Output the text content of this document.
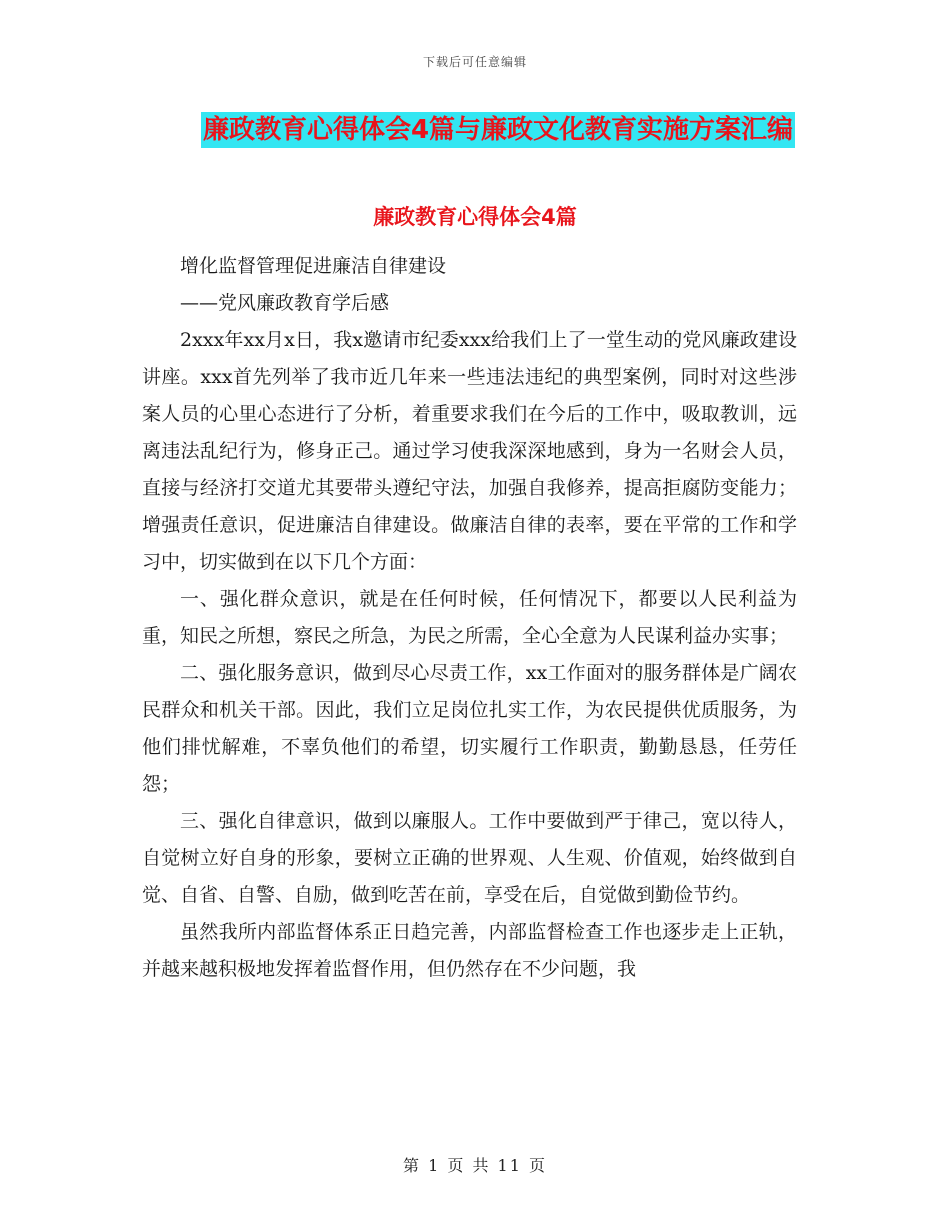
下载后可任意编辑
廉政教育心得体会4篇与廉政文化教育实施方案汇编
廉政教育心得体会4篇

增化监督管理促进廉洁自律建设

——党风廉政教育学后感

2xxx年xx月x日，我x邀请市纪委xxx给我们上了一堂生动的党风廉政建设讲座。xxx首先列举了我市近几年来一些违法违纪的典型案例，同时对这些涉案人员的心里心态进行了分析，着重要求我们在今后的工作中，吸取教训，远离违法乱纪行为，修身正己。通过学习使我深深地感到，身为一名财会人员，直接与经济打交道尤其要带头遵纪守法，加强自我修养，提高拒腐防变能力；增强责任意识，促进廉洁自律建设。做廉洁自律的表率，要在平常的工作和学习中，切实做到在以下几个方面：

一、强化群众意识，就是在任何时候，任何情况下，都要以人民利益为重，知民之所想，察民之所急，为民之所需，全心全意为人民谋利益办实事；

二、强化服务意识，做到尽心尽责工作，xx工作面对的服务群体是广阔农民群众和机关干部。因此，我们立足岗位扎实工作，为农民提供优质服务，为他们排忧解难，不辜负他们的希望，切实履行工作职责，勤勤恳恳，任劳任怨；

三、强化自律意识，做到以廉服人。工作中要做到严于律己，宽以待人，自觉树立好自身的形象，要树立正确的世界观、人生观、价值观，始终做到自觉、自省、自警、自励，做到吃苦在前，享受在后，自觉做到勤俭节约。

虽然我所内部监督体系正日趋完善，内部监督检查工作也逐步走上正轨，并越来越积极地发挥着监督作用，但仍然存在不少问题，我

第 1 页 共 11 页
